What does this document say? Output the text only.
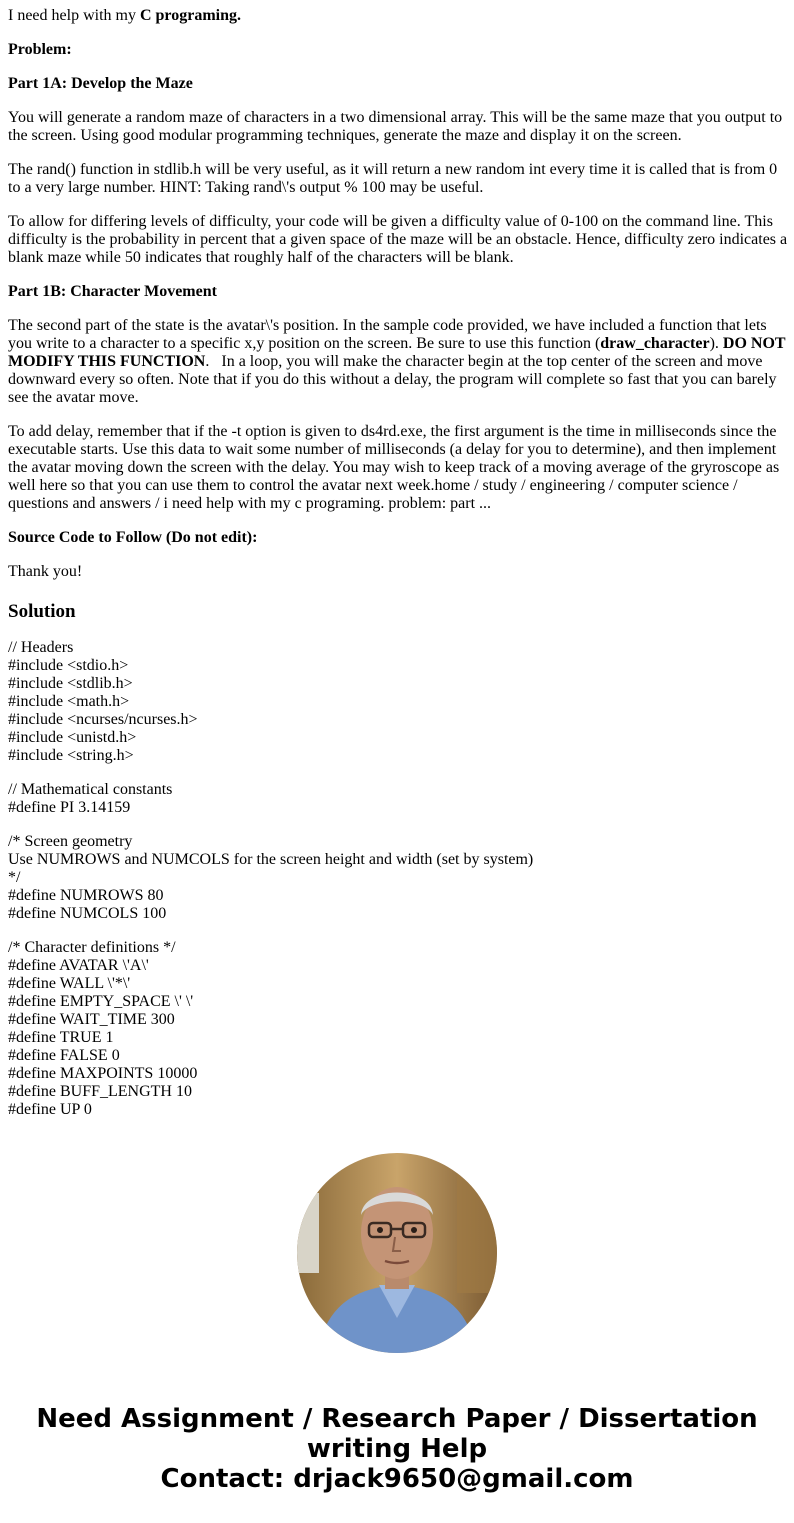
I need help with my C programing.

Problem:

Part 1A: Develop the Maze

You will generate a random maze of characters in a two dimensional array. This will be the same maze that you output to the screen. Using good modular programming techniques, generate the maze and display it on the screen.

The rand() function in stdlib.h will be very useful, as it will return a new random int every time it is called that is from 0 to a very large number. HINT: Taking rand\'s output % 100 may be useful.

To allow for differing levels of difficulty, your code will be given a difficulty value of 0-100 on the command line. This difficulty is the probability in percent that a given space of the maze will be an obstacle. Hence, difficulty zero indicates a blank maze while 50 indicates that roughly half of the characters will be blank.

Part 1B: Character Movement

The second part of the state is the avatar\'s position. In the sample code provided, we have included a function that lets you write to a character to a specific x,y position on the screen. Be sure to use this function (draw_character). DO NOT MODIFY THIS FUNCTION.   In a loop, you will make the character begin at the top center of the screen and move downward every so often. Note that if you do this without a delay, the program will complete so fast that you can barely see the avatar move.

To add delay, remember that if the -t option is given to ds4rd.exe, the first argument is the time in milliseconds since the executable starts. Use this data to wait some number of milliseconds (a delay for you to determine), and then implement the avatar moving down the screen with the delay. You may wish to keep track of a moving average of the gryroscope as well here so that you can use them to control the avatar next week.home / study / engineering / computer science / questions and answers / i need help with my c programing. problem: part ...

Source Code to Follow (Do not edit):

Thank you!

Solution
// Headers
#include <stdio.h>
#include <stdlib.h>
#include <math.h>
#include <ncurses/ncurses.h>
#include <unistd.h>
#include <string.h>
// Mathematical constants
#define PI 3.14159
/* Screen geometry
Use NUMROWS and NUMCOLS for the screen height and width (set by system)
*/
#define NUMROWS 80
#define NUMCOLS 100
/* Character definitions */
#define AVATAR \'A\'
#define WALL \'*\'
#define EMPTY_SPACE \' \'
#define WAIT_TIME 300
#define TRUE 1
#define FALSE 0
#define MAXPOINTS 10000
#define BUFF_LENGTH 10
#define UP 0
Need Assignment / Research Paper / Dissertation
writing Help
Contact: drjack9650@gmail.com
